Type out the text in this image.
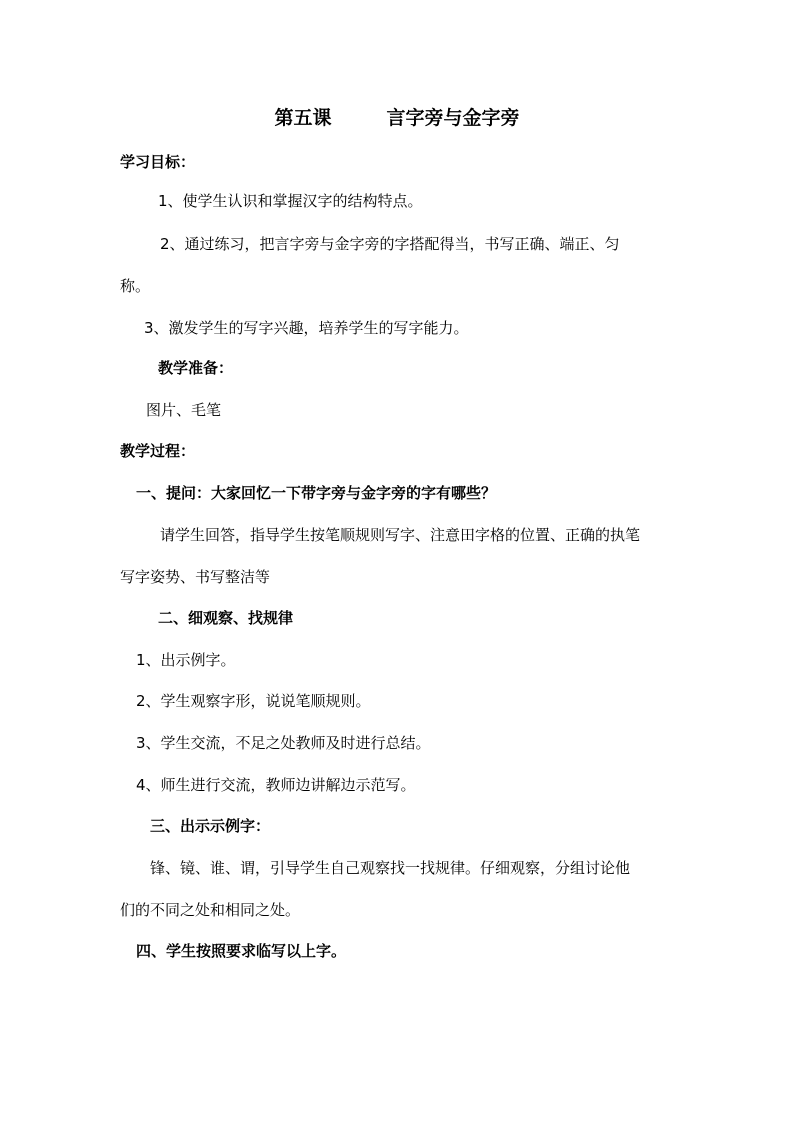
第五课	言字旁与金字旁
学习目标：
1、使学生认识和掌握汉字的结构特点。
2、通过练习，把言字旁与金字旁的字搭配得当，书写正确、端正、匀
称。
3、激发学生的写字兴趣，培养学生的写字能力。
教学准备：
图片、毛笔
教学过程：
一、提问：大家回忆一下带字旁与金字旁的字有哪些？
请学生回答，指导学生按笔顺规则写字、注意田字格的位置、正确的执笔
写字姿势、书写整洁等
二、细观察、找规律
1、出示例字。
2、学生观察字形，说说笔顺规则。
3、学生交流，不足之处教师及时进行总结。
4、师生进行交流，教师边讲解边示范写。
三、出示示例字：
锋、镜、谁、谓，引导学生自己观察找一找规律。仔细观察，分组讨论他
们的不同之处和相同之处。
四、学生按照要求临写以上字。
